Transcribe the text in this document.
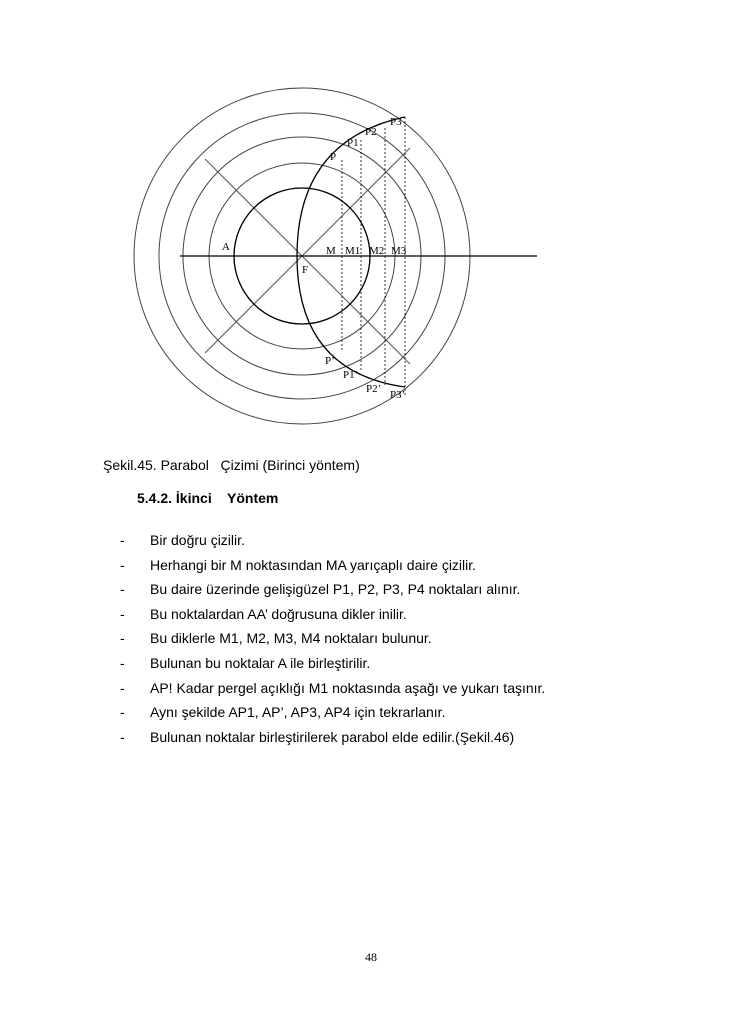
P3
P2
P1
P
A	M M1 M2 M3
F
P’
P1’
P2’ P3’
Şekil.45. Parabol   Çizimi (Birinci yöntem)
5.4.2. İkinci    Yöntem
- Bir doğru çizilir.
- Herhangi bir M noktasından MA yarıçaplı daire çizilir.
- Bu daire üzerinde gelişigüzel P1, P2, P3, P4 noktaları alınır.
- Bu noktalardan AA’ doğrusuna dikler inilir.
- Bu diklerle M1, M2, M3, M4 noktaları bulunur.
- Bulunan bu noktalar A ile birleştirilir.
- AP! Kadar pergel açıklığı M1 noktasında aşağı ve yukarı taşınır.
- Aynı şekilde AP1, AP’, AP3, AP4 için tekrarlanır.
- Bulunan noktalar birleştirilerek parabol elde edilir.(Şekil.46)
48
